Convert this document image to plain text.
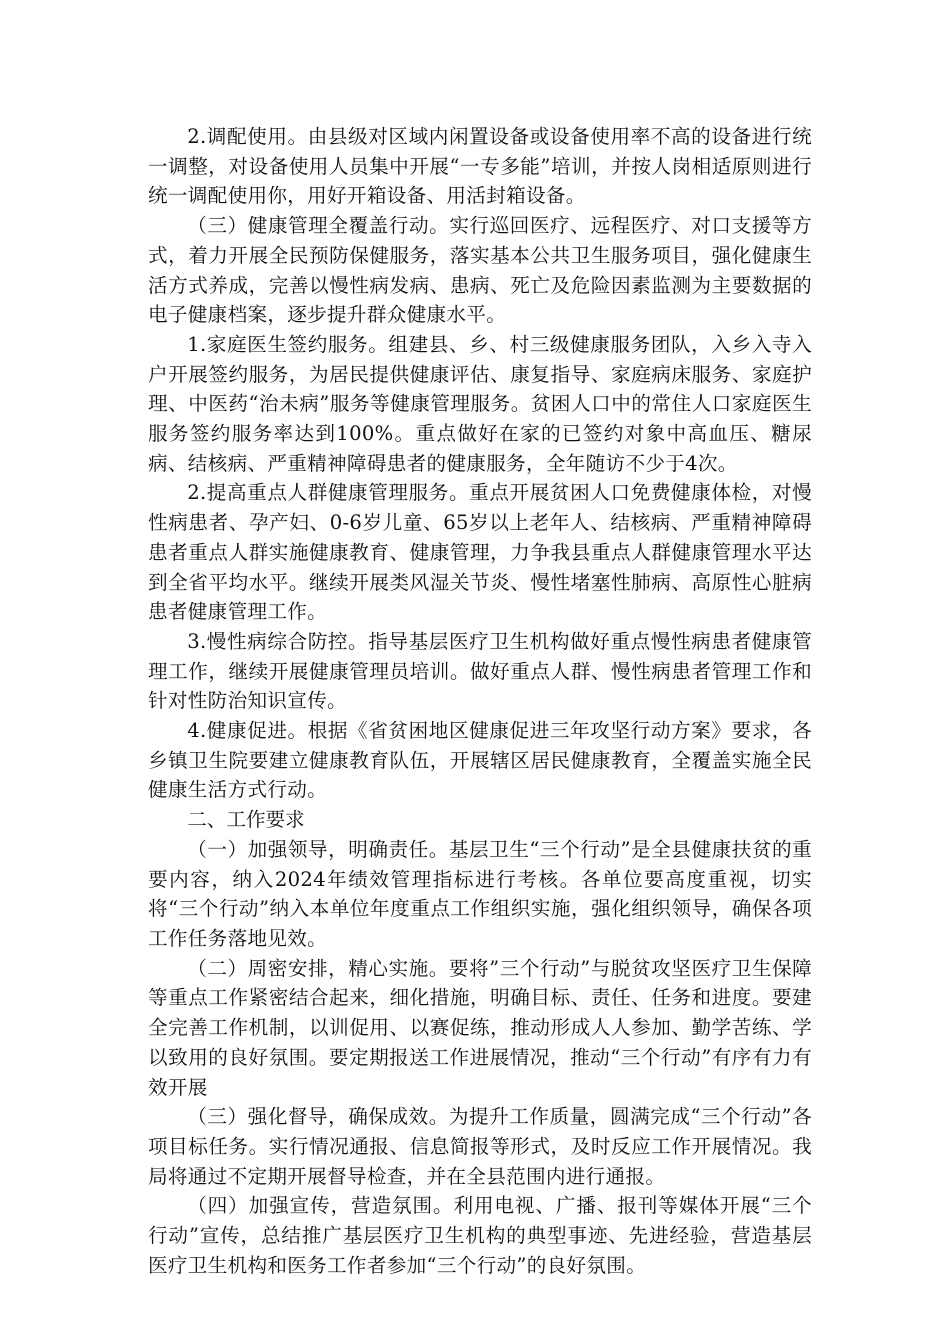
2.调配使用。由县级对区域内闲置设备或设备使用率不高的设备进行统一调整，对设备使用人员集中开展“一专多能”培训，并按人岗相适原则进行统一调配使用你，用好开箱设备、用活封箱设备。

（三）健康管理全覆盖行动。实行巡回医疗、远程医疗、对口支援等方式，着力开展全民预防保健服务，落实基本公共卫生服务项目，强化健康生活方式养成，完善以慢性病发病、患病、死亡及危险因素监测为主要数据的电子健康档案，逐步提升群众健康水平。

1.家庭医生签约服务。组建县、乡、村三级健康服务团队，入乡入寺入户开展签约服务，为居民提供健康评估、康复指导、家庭病床服务、家庭护理、中医药“治未病”服务等健康管理服务。贫困人口中的常住人口家庭医生服务签约服务率达到100%。重点做好在家的已签约对象中高血压、糖尿病、结核病、严重精神障碍患者的健康服务，全年随访不少于4次。

2.提高重点人群健康管理服务。重点开展贫困人口免费健康体检，对慢性病患者、孕产妇、0-6岁儿童、65岁以上老年人、结核病、严重精神障碍患者重点人群实施健康教育、健康管理，力争我县重点人群健康管理水平达到全省平均水平。继续开展类风湿关节炎、慢性堵塞性肺病、高原性心脏病患者健康管理工作。

3.慢性病综合防控。指导基层医疗卫生机构做好重点慢性病患者健康管理工作，继续开展健康管理员培训。做好重点人群、慢性病患者管理工作和针对性防治知识宣传。

4.健康促进。根据《省贫困地区健康促进三年攻坚行动方案》要求，各乡镇卫生院要建立健康教育队伍，开展辖区居民健康教育，全覆盖实施全民健康生活方式行动。

二、工作要求

（一）加强领导，明确责任。基层卫生“三个行动”是全县健康扶贫的重要内容，纳入2024年绩效管理指标进行考核。各单位要高度重视，切实将“三个行动”纳入本单位年度重点工作组织实施，强化组织领导，确保各项工作任务落地见效。

（二）周密安排，精心实施。要将”三个行动”与脱贫攻坚医疗卫生保障等重点工作紧密结合起来，细化措施，明确目标、责任、任务和进度。要建全完善工作机制，以训促用、以赛促练，推动形成人人参加、勤学苦练、学以致用的良好氛围。要定期报送工作进展情况，推动“三个行动”有序有力有效开展

（三）强化督导，确保成效。为提升工作质量，圆满完成“三个行动”各项目标任务。实行情况通报、信息简报等形式，及时反应工作开展情况。我局将通过不定期开展督导检查，并在全县范围内进行通报。

（四）加强宣传，营造氛围。利用电视、广播、报刊等媒体开展“三个行动”宣传，总结推广基层医疗卫生机构的典型事迹、先进经验，营造基层医疗卫生机构和医务工作者参加“三个行动”的良好氛围。
